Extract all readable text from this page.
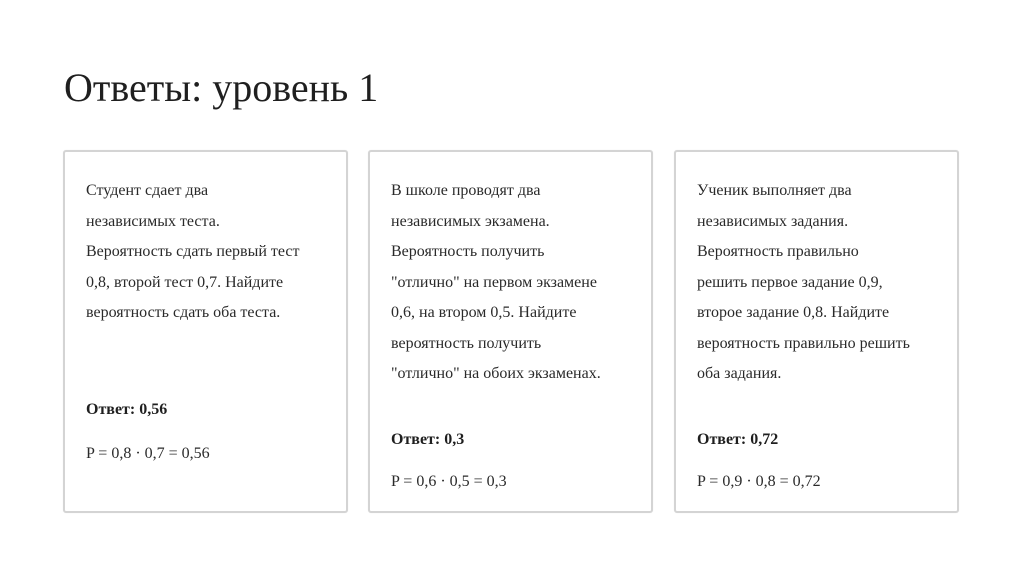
Ответы: уровень 1

Студент сдает два
независимых теста.
Вероятность сдать первый тест
0,8, второй тест 0,7. Найдите
вероятность сдать оба теста.

Ответ: 0,56

P = 0,8 · 0,7 = 0,56

В школе проводят два
независимых экзамена.
Вероятность получить
"отлично" на первом экзамене
0,6, на втором 0,5. Найдите
вероятность получить
"отлично" на обоих экзаменах.

Ответ: 0,3

P = 0,6 · 0,5 = 0,3

Ученик выполняет два
независимых задания.
Вероятность правильно
решить первое задание 0,9,
второе задание 0,8. Найдите
вероятность правильно решить
оба задания.

Ответ: 0,72

P = 0,9 · 0,8 = 0,72
